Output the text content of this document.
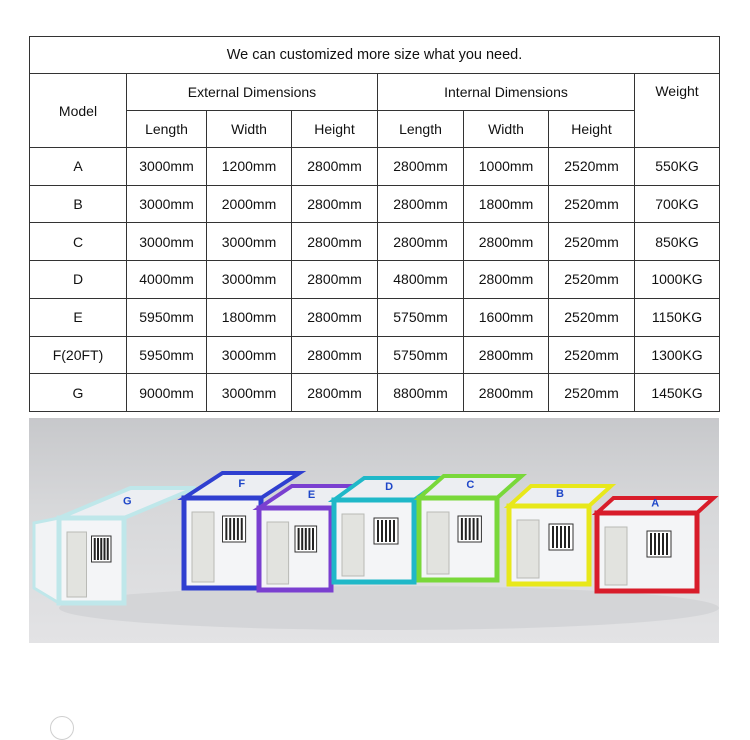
We can customized more size what you need.							
Model	External Dimensions			Internal Dimensions			Weight
	Length	Width	Height	Length	Width	Height	
A	3000mm	1200mm	2800mm	2800mm	1000mm	2520mm	550KG
B	3000mm	2000mm	2800mm	2800mm	1800mm	2520mm	700KG
C	3000mm	3000mm	2800mm	2800mm	2800mm	2520mm	850KG
D	4000mm	3000mm	2800mm	4800mm	2800mm	2520mm	1000KG
E	5950mm	1800mm	2800mm	5750mm	1600mm	2520mm	1150KG
F(20FT)	5950mm	3000mm	2800mm	5750mm	2800mm	2520mm	1300KG
G	9000mm	3000mm	2800mm	8800mm	2800mm	2520mm	1450KG
G
F
E
D	C
B
A
